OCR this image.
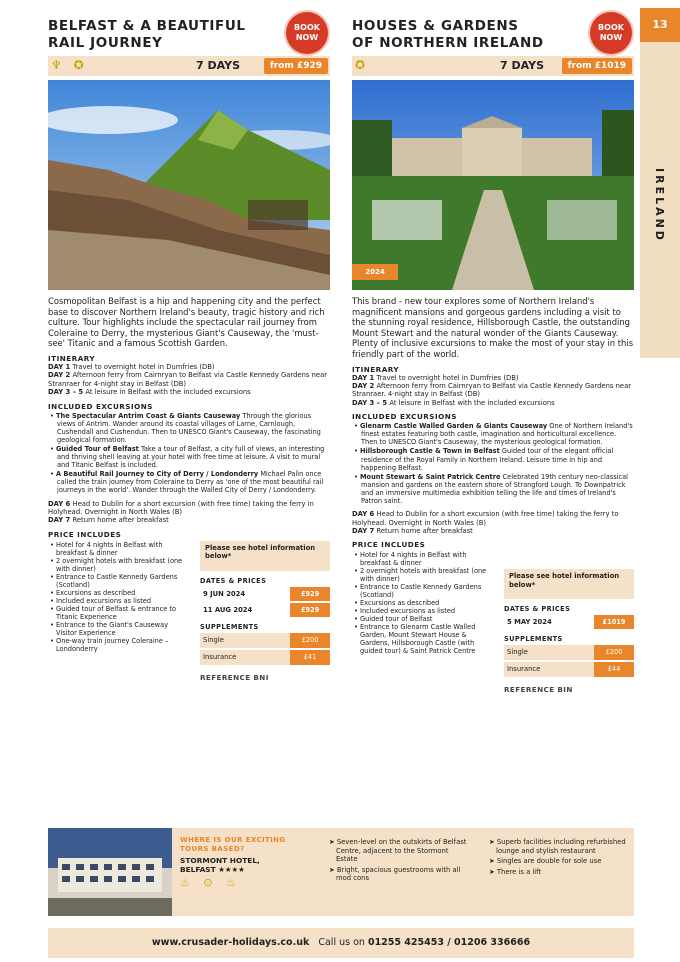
13
IRELAND
BELFAST & A BEAUTIFUL
RAIL JOURNEY
BOOK
NOW
♆ ✪	7 DAYS	from £929
Cosmopolitan Belfast is a hip and happening city and the perfect base to discover Northern Ireland's beauty, tragic history and rich culture. Tour highlights include the spectacular rail journey from Coleraine to Derry, the mysterious Giant's Causeway, the 'must-see' Titanic and a famous Scottish Garden.
ITINERARY
DAY 1 Travel to overnight hotel in Dumfries (DB)
DAY 2 Afternoon ferry from Cairnryan to Belfast via Castle Kennedy Gardens near Stranraer for 4-night stay in Belfast (DB)
DAY 3 – 5 At leisure in Belfast with the included excursions
INCLUDED EXCURSIONS
• The Spectacular Antrim Coast & Giants Causeway Through the glorious views of Antrim. Wander around its coastal villages of Larne, Carnlough, Cushendall and Cushendun. Then to UNESCO Giant's Causeway, the fascinating geological formation.
• Guided Tour of Belfast Take a tour of Belfast, a city full of views, an interesting and thriving shell leaving at your hotel with free time at leisure. A visit to mural and Titanic Belfast is included.
• A Beautiful Rail Journey to City of Derry / Londonderry Michael Palin once called the train journey from Coleraine to Derry as 'one of the most beautiful rail journeys in the world'. Wander through the Walled City of Derry / Londonderry.
DAY 6 Head to Dublin for a short excursion (with free time) taking the ferry in Holyhead. Overnight in North Wales (B)
DAY 7 Return home after breakfast
PRICE INCLUDES
• Hotel for 4 nights in Belfast with breakfast & dinner
• 2 overnight hotels with breakfast (one with dinner)
• Entrance to Castle Kennedy Gardens (Scotland)
• Excursions as described
• Included excursions as listed
• Guided tour of Belfast & entrance to Titanic Experience
• Entrance to the Giant's Causeway Visitor Experience
• One-way train journey Coleraine – Londonderry
Please see hotel information below*
DATES & PRICES
9 JUN 2024	£929
11 AUG 2024	£929
SUPPLEMENTS
Single	£200
Insurance	£41
REFERENCE BNI
HOUSES & GARDENS
OF NORTHERN IRELAND
BOOK
NOW
✪	7 DAYS	from £1019
2024
This brand - new tour explores some of Northern Ireland's magnificent mansions and gorgeous gardens including a visit to the stunning royal residence, Hillsborough Castle, the outstanding Mount Stewart and the natural wonder of the Giants Causeway. Plenty of inclusive excursions to make the most of your stay in this friendly part of the world.
ITINERARY
DAY 1 Travel to overnight hotel in Dumfries (DB)
DAY 2 Afternoon ferry from Cairnryan to Belfast via Castle Kennedy Gardens near Stranraer. 4-night stay in Belfast (DB)
DAY 3 – 5 At leisure in Belfast with the included excursions
INCLUDED EXCURSIONS
• Glenarm Castle Walled Garden & Giants Causeway One of Northern Ireland's finest estates featuring both castle, imagination and horticultural excellence. Then to UNESCO Giant's Causeway, the mysterious geological formation.
• Hillsborough Castle & Town in Belfast Guided tour of the elegant official residence of the Royal Family in Northern Ireland. Leisure time in hip and happening Belfast.
• Mount Stewart & Saint Patrick Centre Celebrated 19th century neo-classical mansion and gardens on the eastern shore of Strangford Lough. To Downpatrick and an immersive multimedia exhibition telling the life and times of Ireland's Patron saint.
DAY 6 Head to Dublin for a short excursion (with free time) taking the ferry to Holyhead. Overnight in North Wales (B)
DAY 7 Return home after breakfast
PRICE INCLUDES
• Hotel for 4 nights in Belfast with breakfast & dinner
• 2 overnight hotels with breakfast (one with dinner)
• Entrance to Castle Kennedy Gardens (Scotland)
• Excursions as described
• Included excursions as listed
• Guided tour of Belfast
• Entrance to Glenarm Castle Walled Garden, Mount Stewart House & Gardens, Hillsborough Castle (with guided tour) & Saint Patrick Centre
Please see hotel information below*
DATES & PRICES
5 MAY 2024	£1019
SUPPLEMENTS
Single	£200
Insurance	£44
REFERENCE BIN
WHERE IS OUR EXCITING
TOURS BASED?
STORMONT HOTEL,
BELFAST ★★★★
♨ ⊙ ♨
➤ Seven-level on the outskirts of Belfast Centre, adjacent to the Stormont Estate
➤ Bright, spacious guestrooms with all mod cons
➤ Superb facilities including refurbished lounge and stylish restaurant
➤ Singles are double for sole use
➤ There is a lift
www.crusader-holidays.co.uk Call us on 01255 425453 / 01206 336666
